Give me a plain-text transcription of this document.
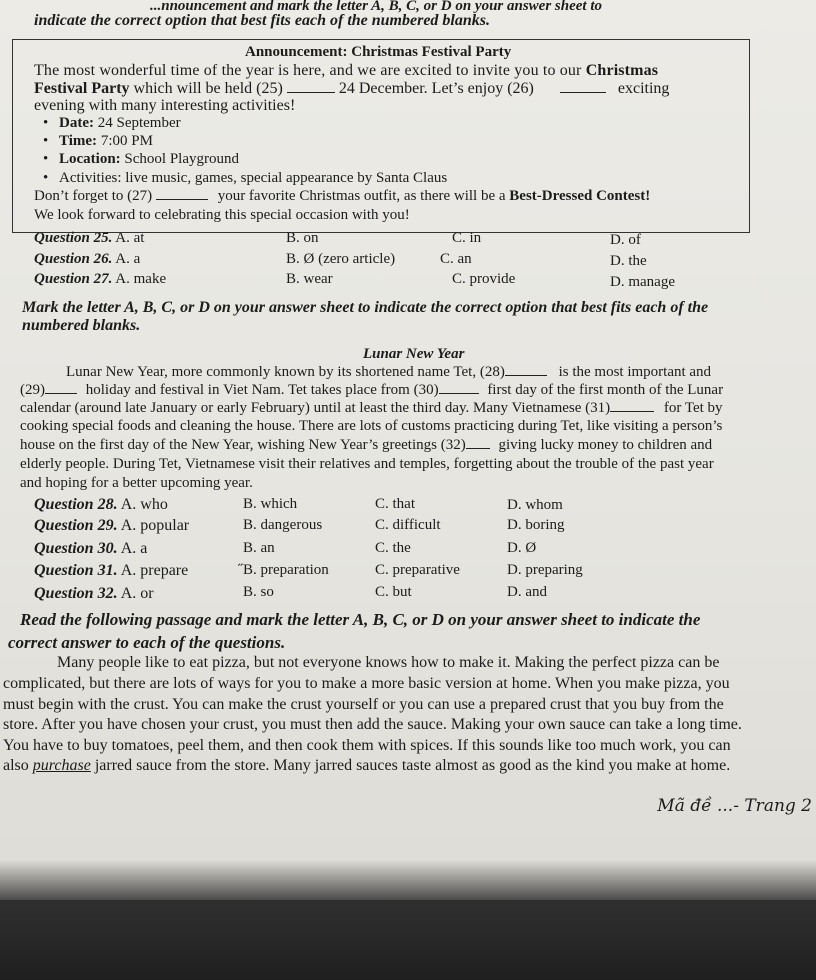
...nnouncement and mark the letter A, B, C, or D on your answer sheet to
indicate the correct option that best fits each of the numbered blanks.
Announcement: Christmas Festival Party
The most wonderful time of the year is here, and we are excited to invite you to our Christmas
Festival Party which will be held (25)	24 December. Let’s enjoy (26)	exciting
evening with many interesting activities!
Date: 24 September
Time: 7:00 PM
Location: School Playground
Activities: live music, games, special appearance by Santa Claus
Don’t forget to (27)	your favorite Christmas outfit, as there will be a Best-Dressed Contest!
We look forward to celebrating this special occasion with you!
Question 25. A. at	B. on	C. in	D. of
Question 26. A. a	B. Ø (zero article)	C. an	D. the
Question 27. A. make	B. wear	C. provide	D. manage
Mark the letter A, B, C, or D on your answer sheet to indicate the correct option that best fits each of the
numbered blanks.
Lunar New Year
Lunar New Year, more commonly known by its shortened name Tet, (28)	is the most important and
(29)	holiday and festival in Viet Nam. Tet takes place from (30)	first day of the first month of the Lunar
calendar (around late January or early February) until at least the third day. Many Vietnamese (31)	for Tet by
cooking special foods and cleaning the house. There are lots of customs practicing during Tet, like visiting a person’s
house on the first day of the New Year, wishing New Year’s greetings (32) giving lucky money to children and
elderly people. During Tet, Vietnamese visit their relatives and temples, forgetting about the trouble of the past year
and hoping for a better upcoming year.
Question 28. A. who	B. which	C. that	D. whom
Question 29. A. popular	B. dangerous	C. difficult	D. boring
Question 30. A. a	B. an	C. the	D. Ø
Question 31. A. prepare	˝B. preparation	C. preparative	D. preparing
Question 32. A. or	B. so	C. but	D. and
Read the following passage and mark the letter A, B, C, or D on your answer sheet to indicate the
correct answer to each of the questions.
Many people like to eat pizza, but not everyone knows how to make it. Making the perfect pizza can be
complicated, but there are lots of ways for you to make a more basic version at home. When you make pizza, you
must begin with the crust. You can make the crust yourself or you can use a prepared crust that you buy from the
store. After you have chosen your crust, you must then add the sauce. Making your own sauce can take a long time.
You have to buy tomatoes, peel them, and then cook them with spices. If this sounds like too much work, you can
also purchase jarred sauce from the store. Many jarred sauces taste almost as good as the kind you make at home.
Mã đề ...- Trang 2
